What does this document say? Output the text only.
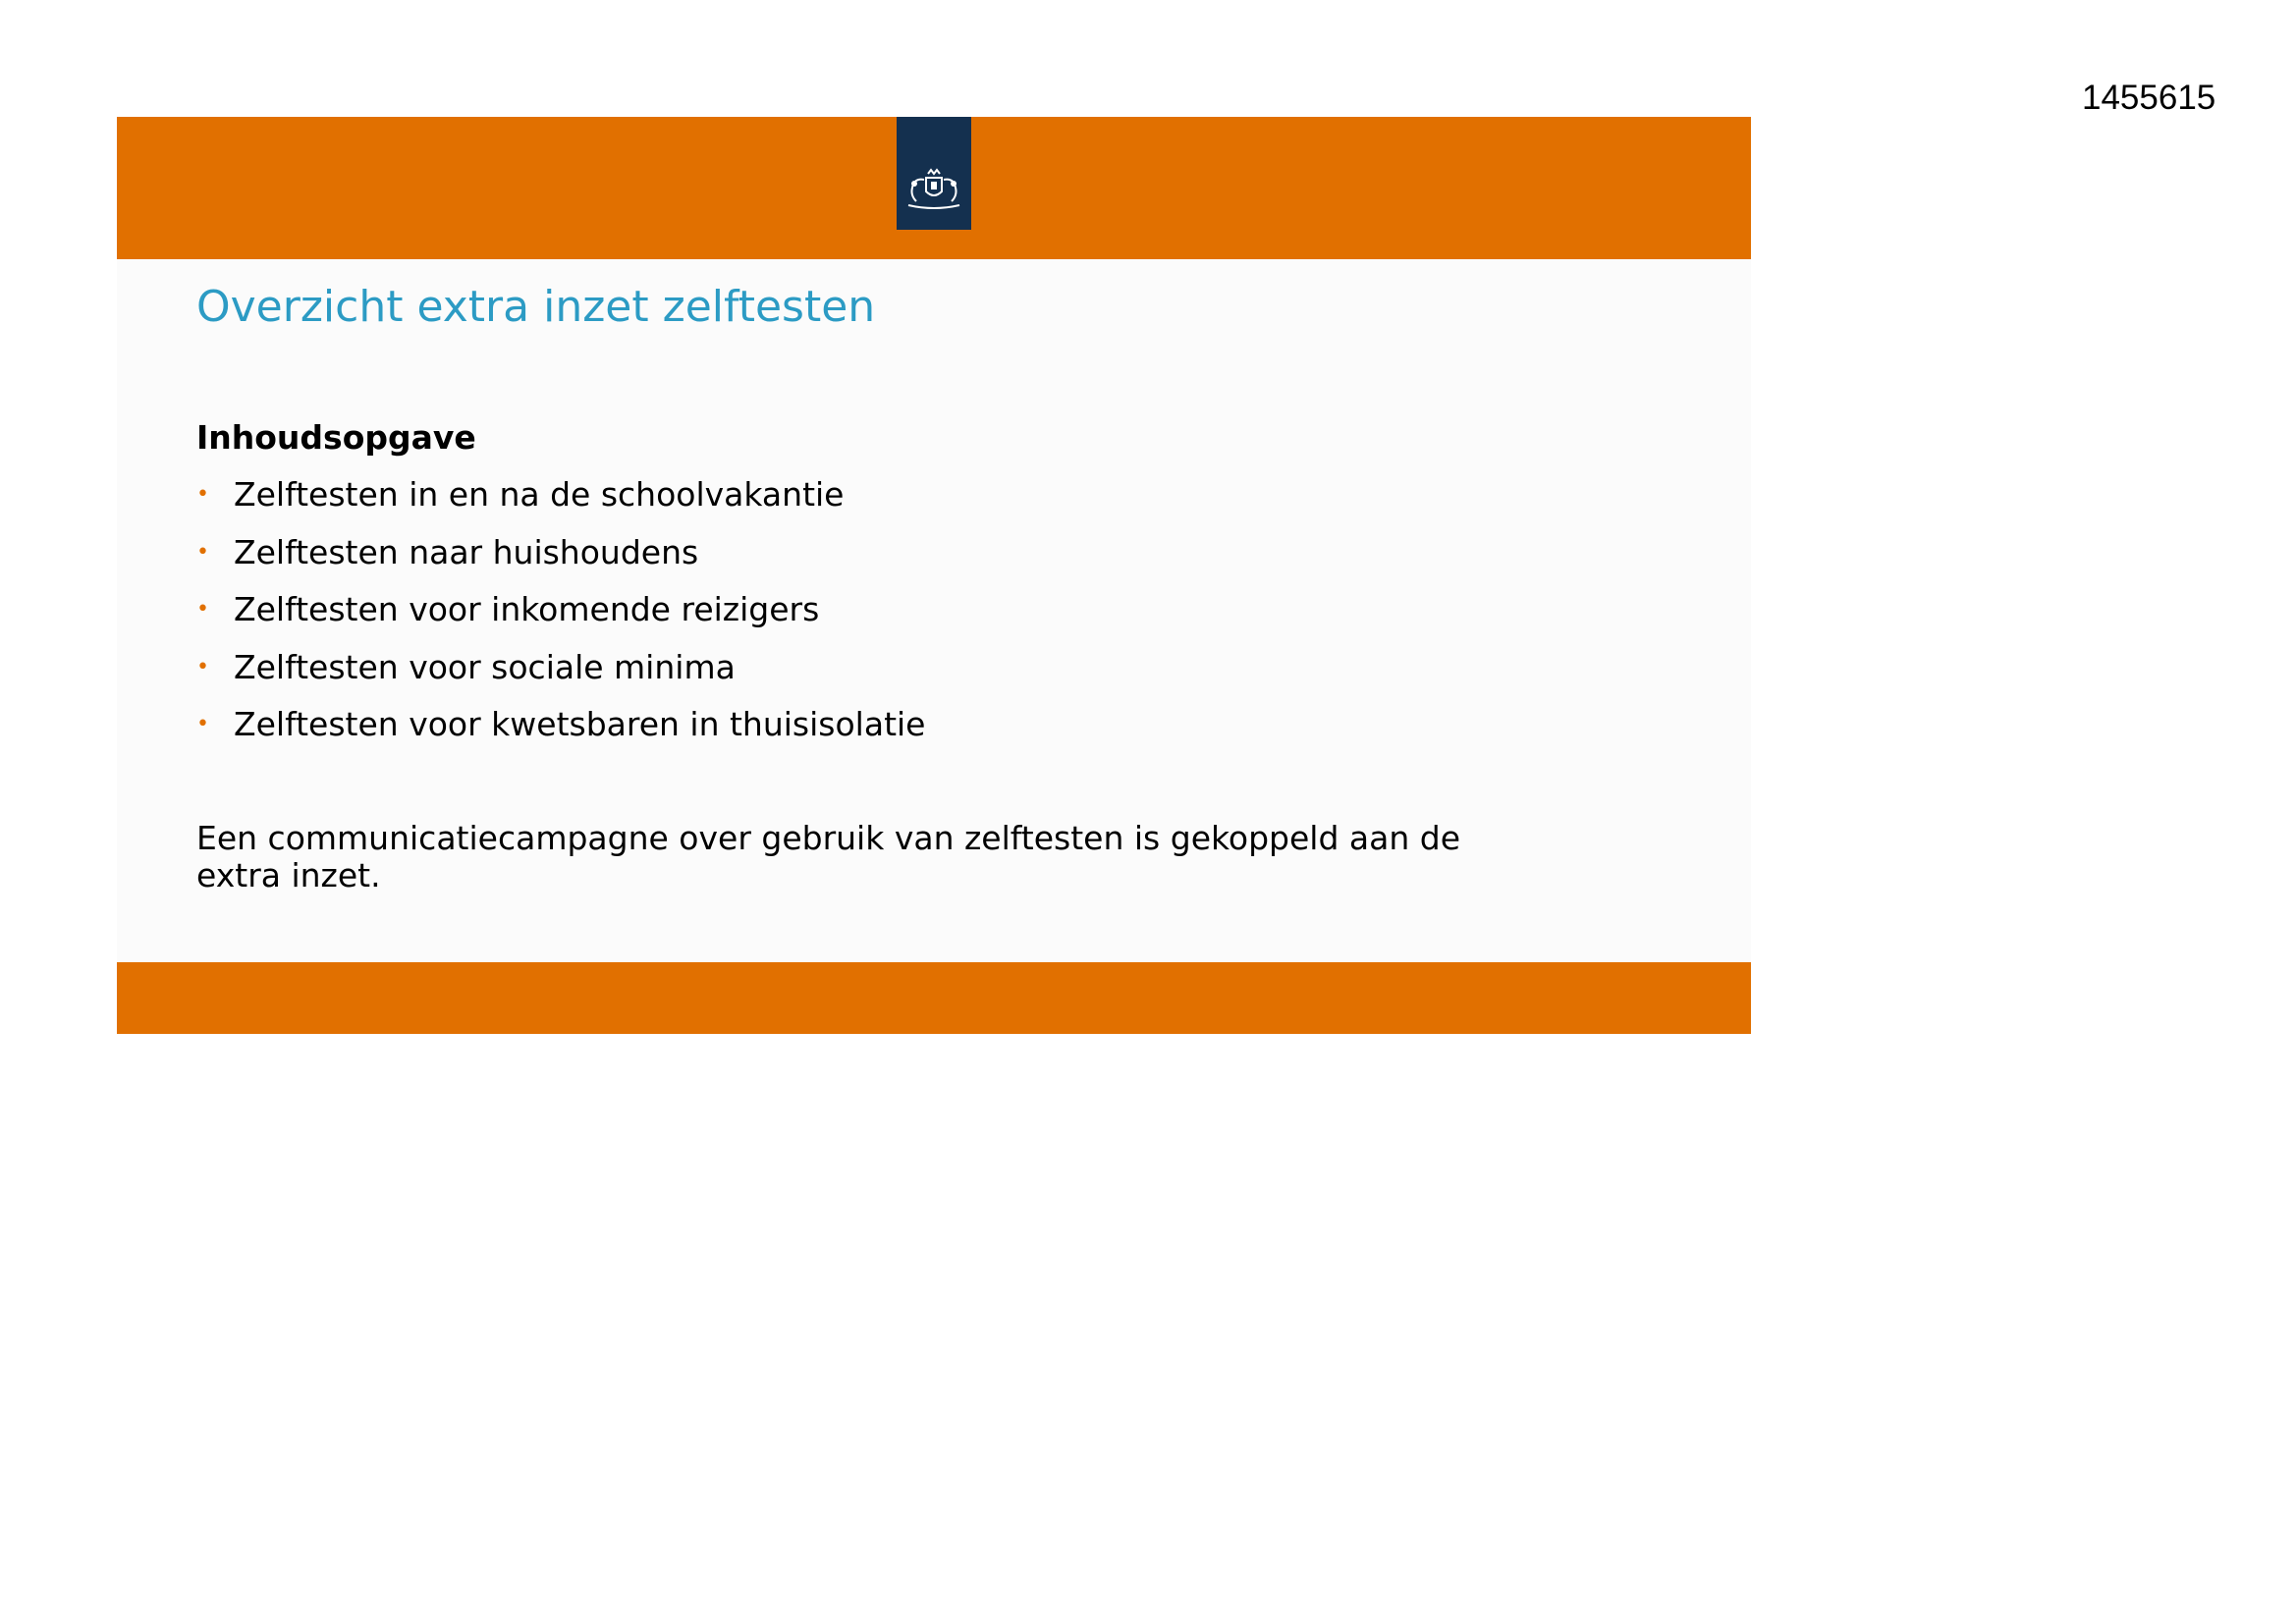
1455615
Overzicht extra inzet zelftesten
Inhoudsopgave
• Zelftesten in en na de schoolvakantie
• Zelftesten naar huishoudens
• Zelftesten voor inkomende reizigers
• Zelftesten voor sociale minima
• Zelftesten voor kwetsbaren in thuisisolatie

Een communicatiecampagne over gebruik van zelftesten is gekoppeld aan de
extra inzet.
